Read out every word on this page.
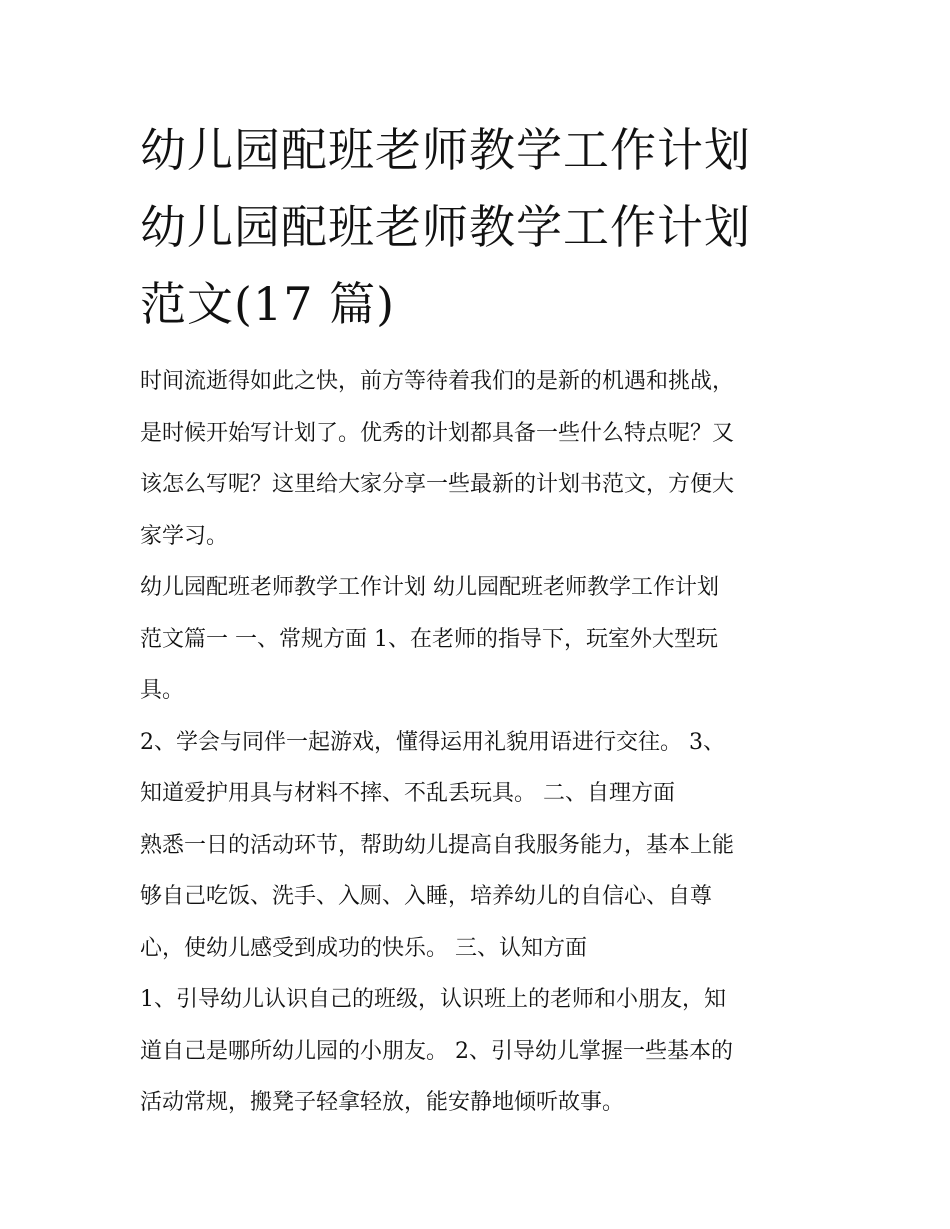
幼儿园配班老师教学工作计划
幼儿园配班老师教学工作计划
范文(17 篇)
时间流逝得如此之快，前方等待着我们的是新的机遇和挑战，
是时候开始写计划了。优秀的计划都具备一些什么特点呢？又
该怎么写呢？这里给大家分享一些最新的计划书范文，方便大
家学习。
幼儿园配班老师教学工作计划 幼儿园配班老师教学工作计划
范文篇一 一、常规方面 1、在老师的指导下，玩室外大型玩
具。
2、学会与同伴一起游戏，懂得运用礼貌用语进行交往。 3、
知道爱护用具与材料不摔、不乱丢玩具。 二、自理方面
熟悉一日的活动环节，帮助幼儿提高自我服务能力，基本上能
够自己吃饭、洗手、入厕、入睡，培养幼儿的自信心、自尊
心，使幼儿感受到成功的快乐。 三、认知方面
1、引导幼儿认识自己的班级，认识班上的老师和小朋友，知
道自己是哪所幼儿园的小朋友。 2、引导幼儿掌握一些基本的
活动常规，搬凳子轻拿轻放，能安静地倾听故事。
